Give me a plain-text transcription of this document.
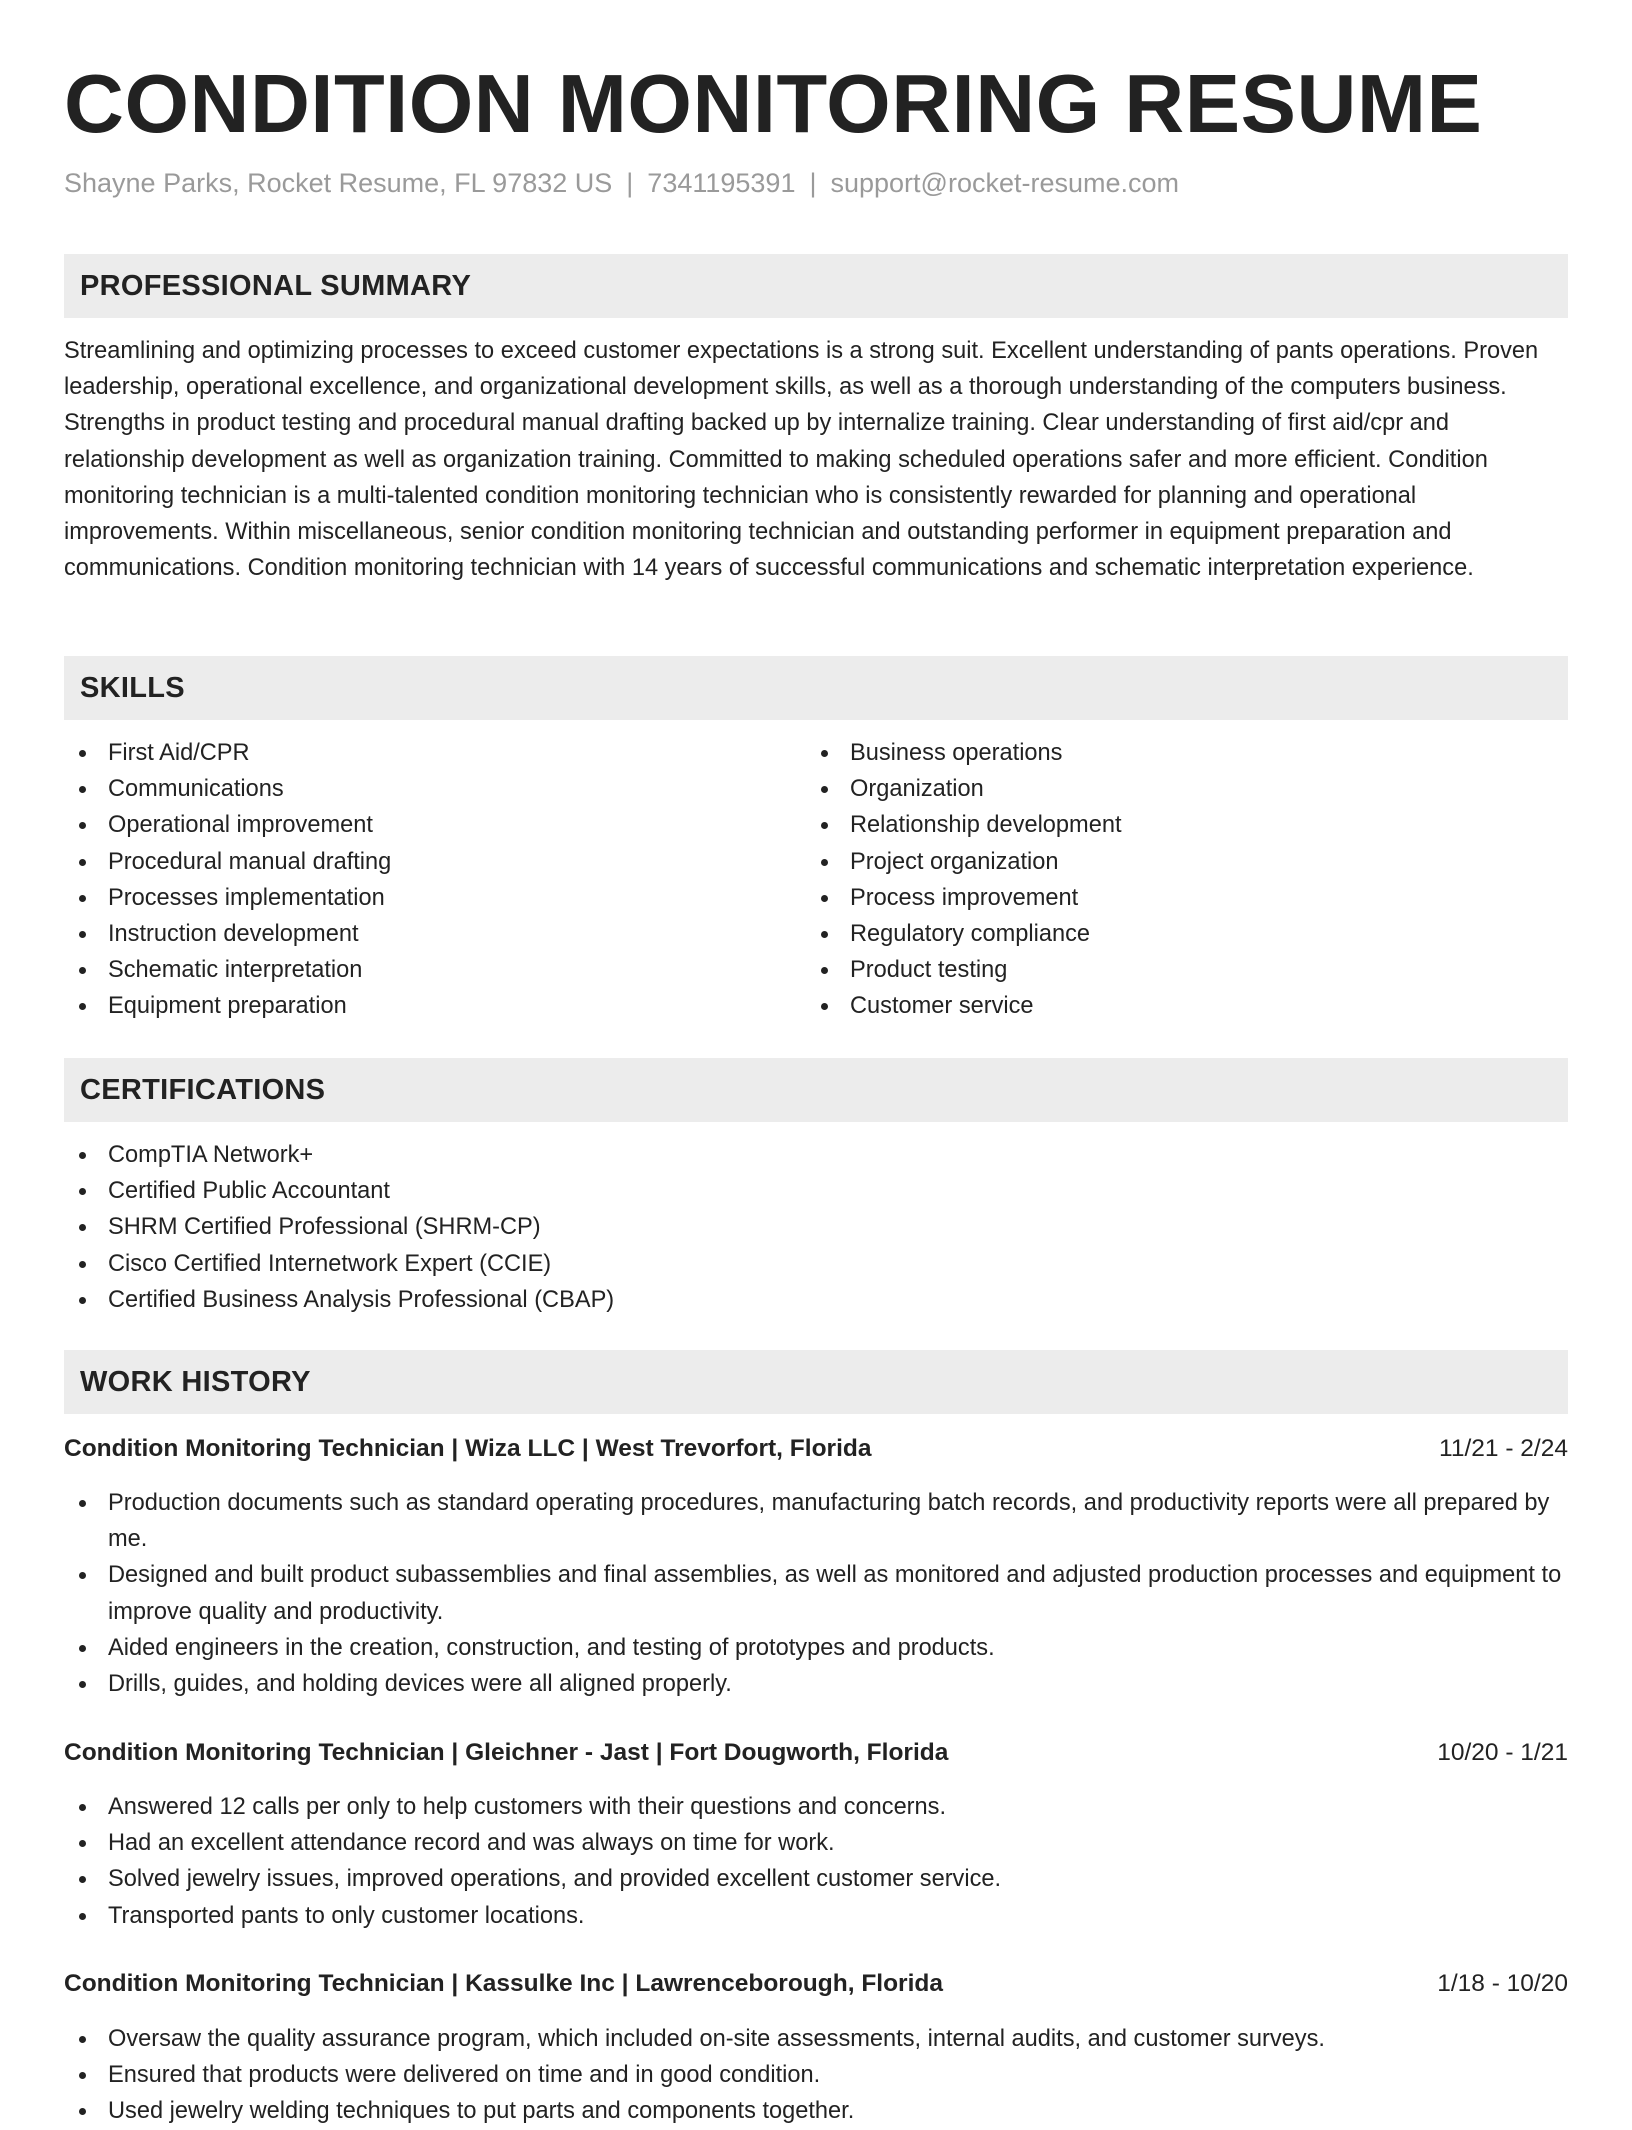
CONDITION MONITORING RESUME
Shayne Parks, Rocket Resume, FL 97832 US | 7341195391 | support@rocket-resume.com
PROFESSIONAL SUMMARY

Streamlining and optimizing processes to exceed customer expectations is a strong suit. Excellent understanding of pants operations. Proven leadership, operational excellence, and organizational development skills, as well as a thorough understanding of the computers business. Strengths in product testing and procedural manual drafting backed up by internalize training. Clear understanding of first aid/cpr and relationship development as well as organization training. Committed to making scheduled operations safer and more efficient. Condition monitoring technician is a multi-talented condition monitoring technician who is consistently rewarded for planning and operational improvements. Within miscellaneous, senior condition monitoring technician and outstanding performer in equipment preparation and communications. Condition monitoring technician with 14 years of successful communications and schematic interpretation experience.

SKILLS
First Aid/CPR
Communications
Operational improvement
Procedural manual drafting
Processes implementation
Instruction development
Schematic interpretation
Equipment preparation
Business operations
Organization
Relationship development
Project organization
Process improvement
Regulatory compliance
Product testing
Customer service
CERTIFICATIONS
CompTIA Network+
Certified Public Accountant
SHRM Certified Professional (SHRM-CP)
Cisco Certified Internetwork Expert (CCIE)
Certified Business Analysis Professional (CBAP)
WORK HISTORY
Condition Monitoring Technician | Wiza LLC | West Trevorfort, Florida	11/21 - 2/24
Production documents such as standard operating procedures, manufacturing batch records, and productivity reports were all prepared by me.
Designed and built product subassemblies and final assemblies, as well as monitored and adjusted production processes and equipment to improve quality and productivity.
Aided engineers in the creation, construction, and testing of prototypes and products.
Drills, guides, and holding devices were all aligned properly.
Condition Monitoring Technician | Gleichner - Jast | Fort Dougworth, Florida	10/20 - 1/21
Answered 12 calls per only to help customers with their questions and concerns.
Had an excellent attendance record and was always on time for work.
Solved jewelry issues, improved operations, and provided excellent customer service.
Transported pants to only customer locations.
Condition Monitoring Technician | Kassulke Inc | Lawrenceborough, Florida	1/18 - 10/20
Oversaw the quality assurance program, which included on-site assessments, internal audits, and customer surveys.
Ensured that products were delivered on time and in good condition.
Used jewelry welding techniques to put parts and components together.
